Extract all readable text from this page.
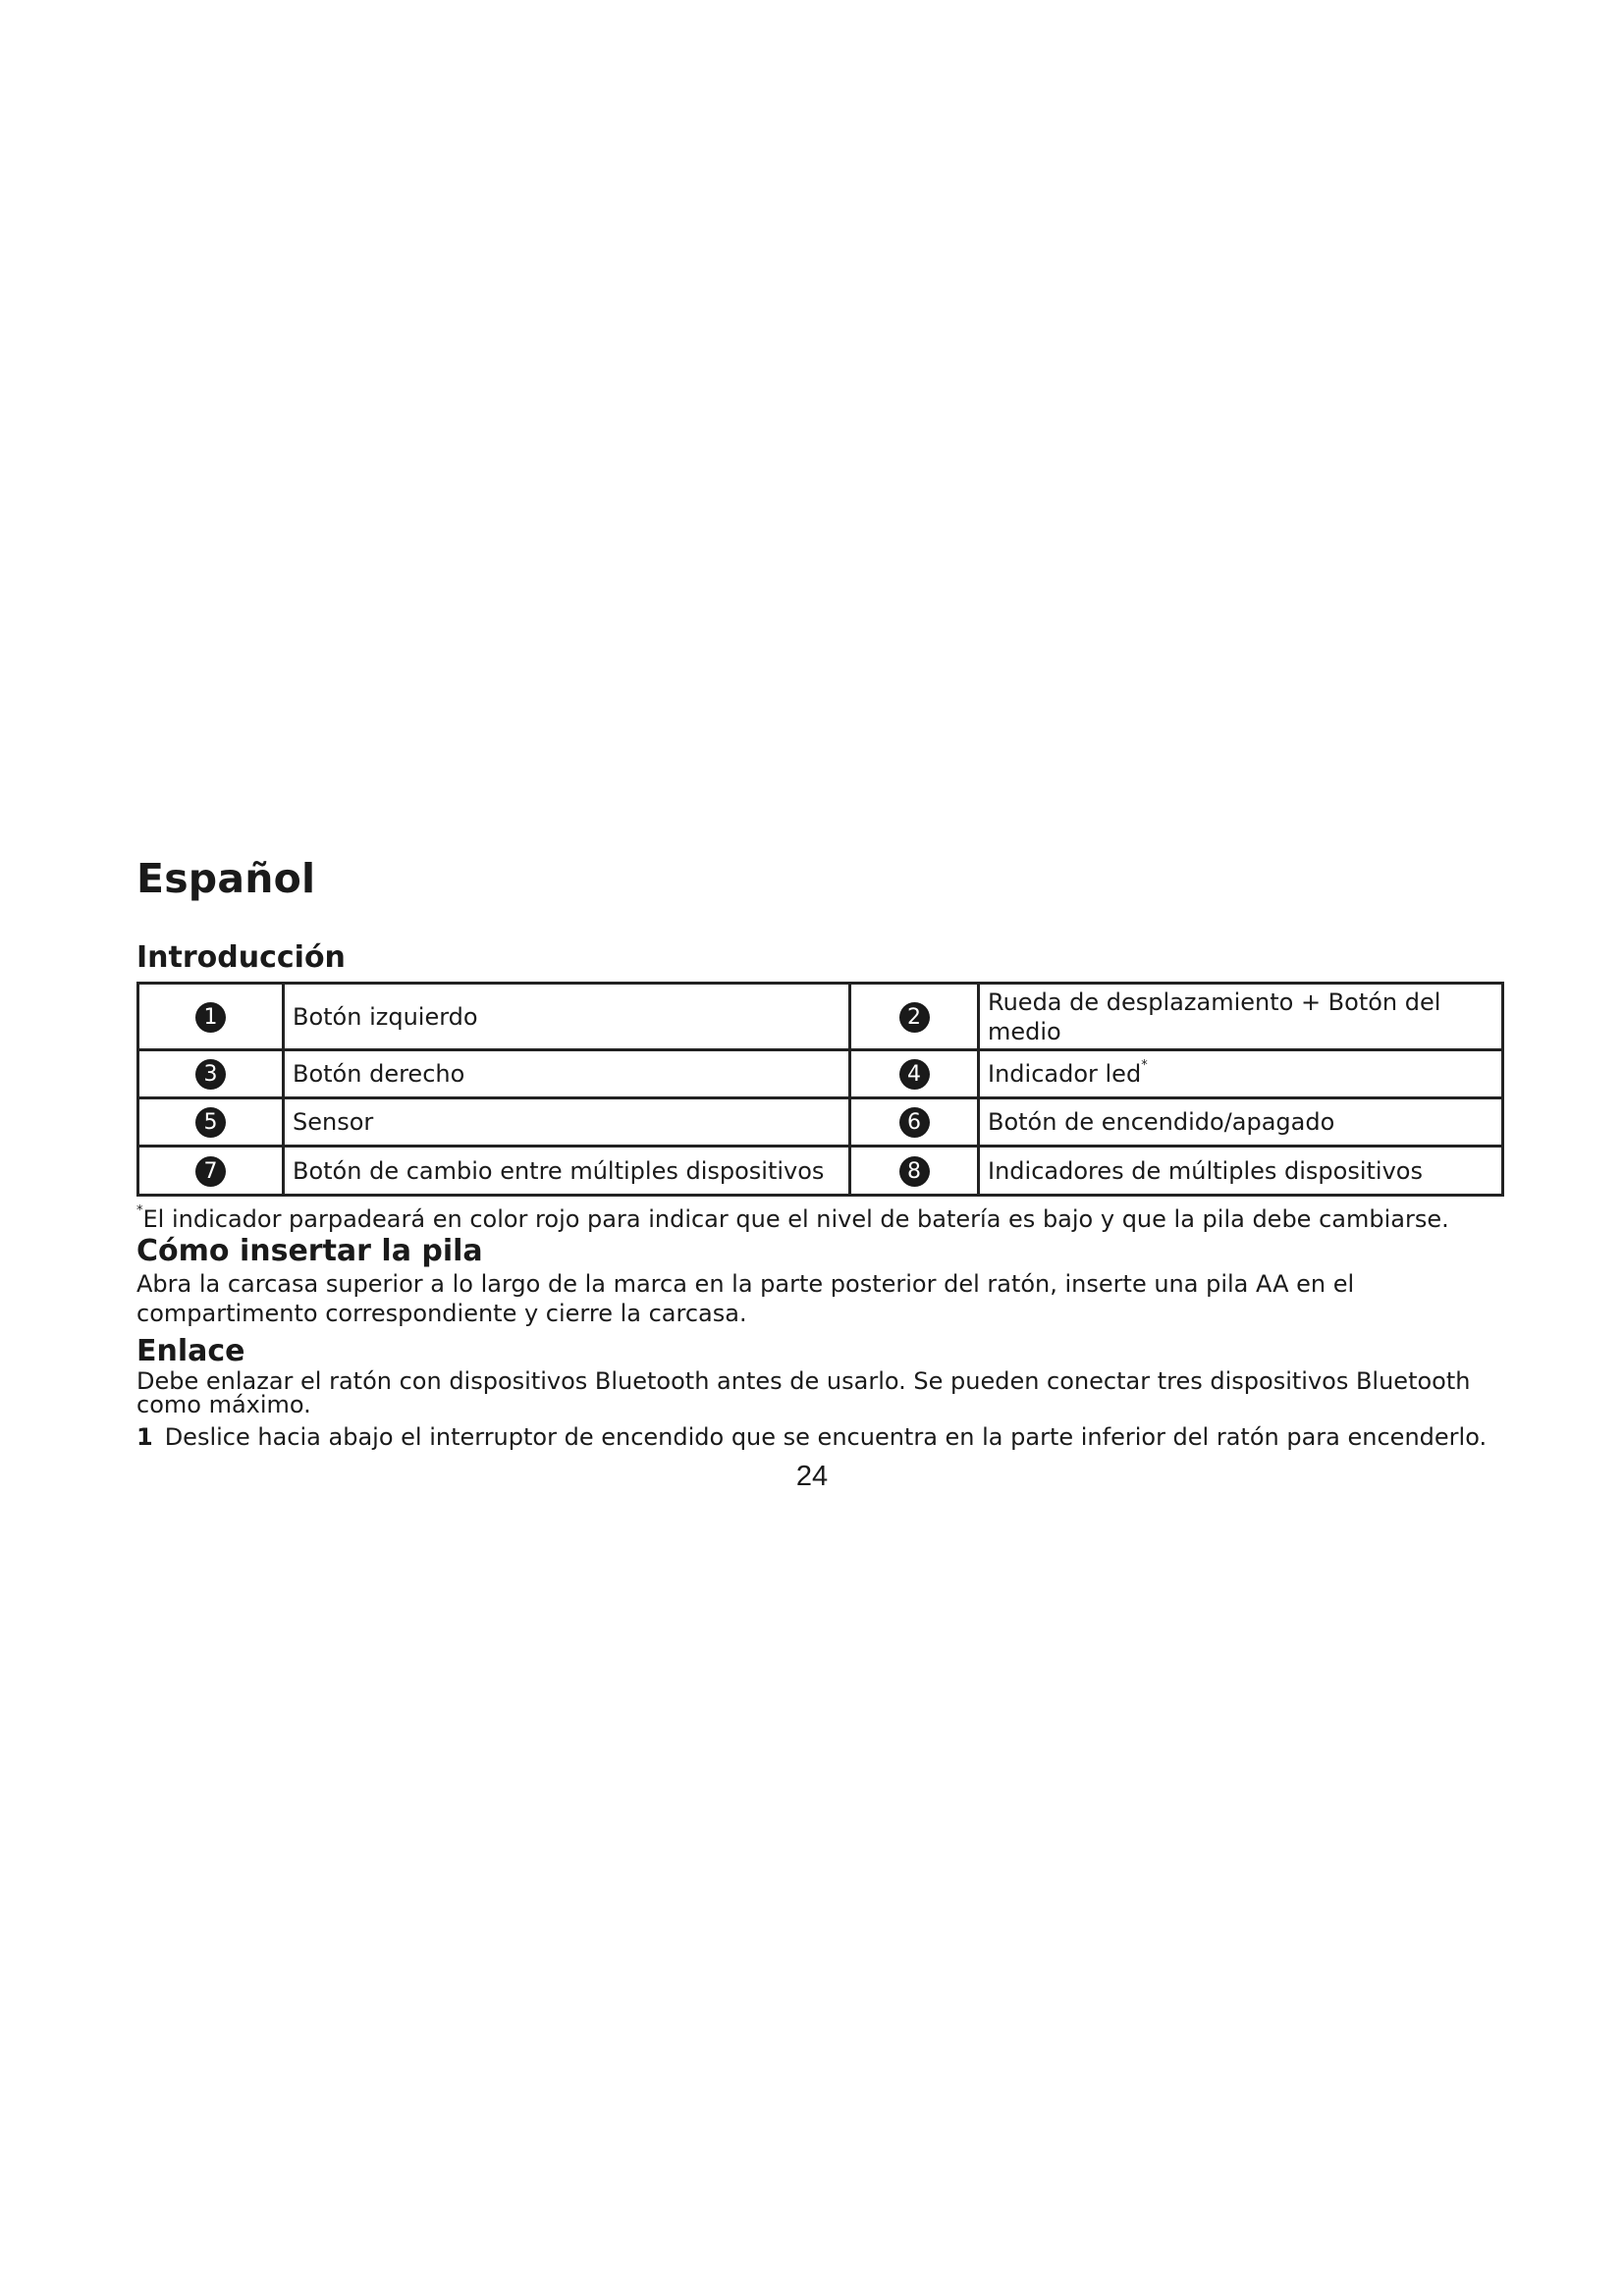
Español
Introducción
1	Botón izquierdo	2	Rueda de desplazamiento + Botón del medio
3	Botón derecho	4	Indicador led*
5	Sensor	6	Botón de encendido/apagado
7	Botón de cambio entre múltiples dispositivos	8	Indicadores de múltiples dispositivos
*El indicador parpadeará en color rojo para indicar que el nivel de batería es bajo y que la pila debe cambiarse.
Cómo insertar la pila

Abra la carcasa superior a lo largo de la marca en la parte posterior del ratón, inserte una pila AA en el compartimento correspondiente y cierre la carcasa.

Enlace

Debe enlazar el ratón con dispositivos Bluetooth antes de usarlo. Se pueden conectar tres dispositivos Bluetooth como máximo.

1 Deslice hacia abajo el interruptor de encendido que se encuentra en la parte inferior del ratón para encenderlo.
24
